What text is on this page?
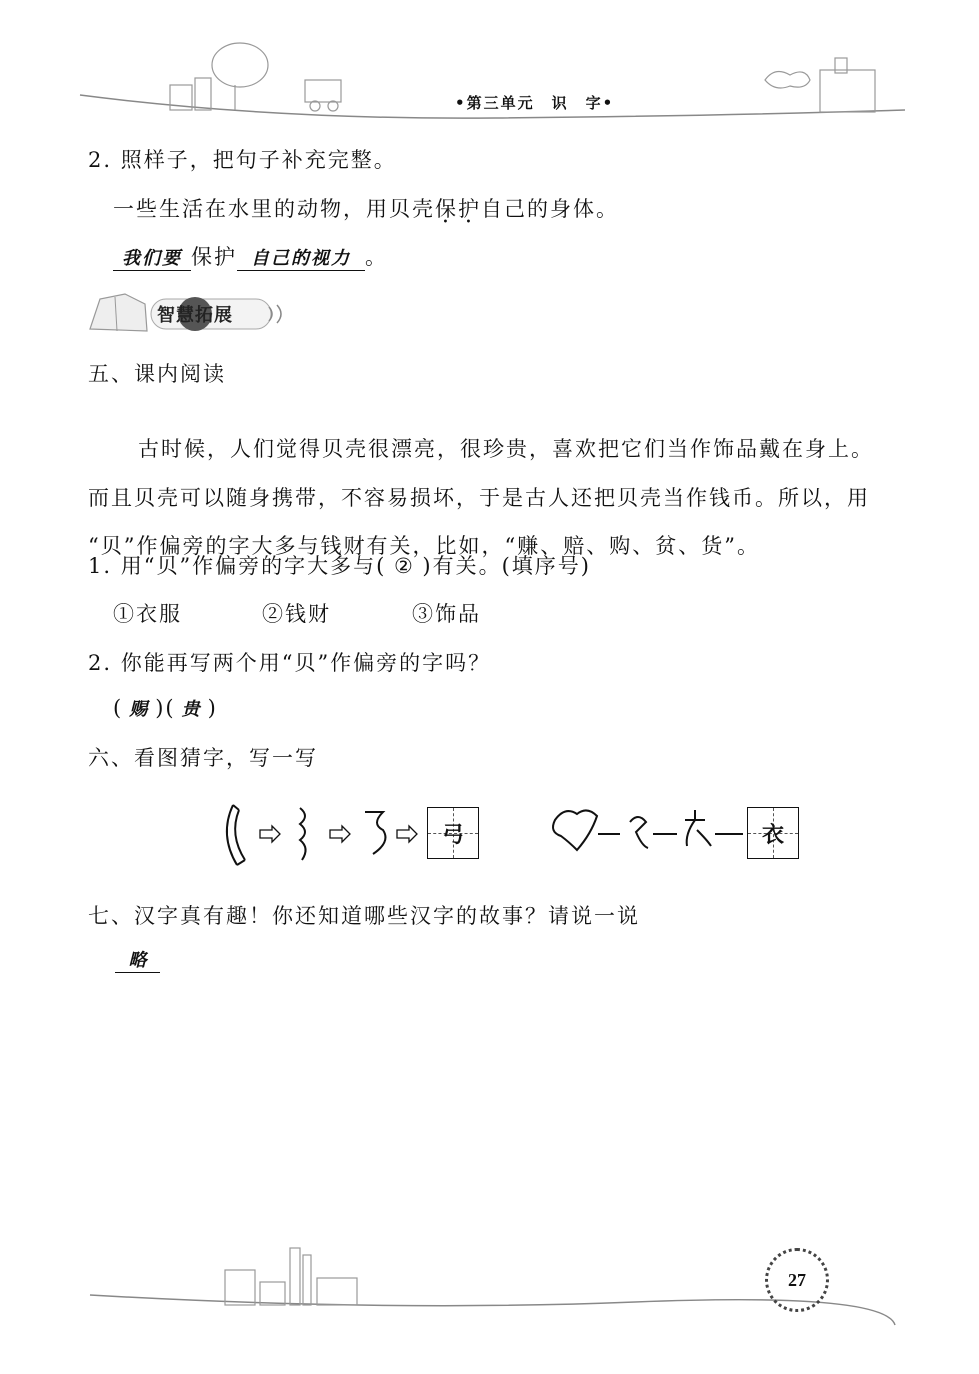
•第三单元　识　字•
2. 照样子，把句子补充完整。
一些生活在水里的动物，用贝壳保护自己的身体。
我们要 保护 自己的视力 。
智慧拓展
五、课内阅读
古时候，人们觉得贝壳很漂亮，很珍贵，喜欢把它们当作饰品戴在身上。
而且贝壳可以随身携带，不容易损坏，于是古人还把贝壳当作钱币。所以，用
“贝”作偏旁的字大多与钱财有关，比如，“赚、赔、购、贫、货”。
1. 用“贝”作偏旁的字大多与( ② )有关。(填序号)
①衣服	②钱财	③饰品
2. 你能再写两个用“贝”作偏旁的字吗？
( 赐 )( 贵 )
六、看图猜字，写一写
弓	衣
七、汉字真有趣！你还知道哪些汉字的故事？请说一说
略
27
